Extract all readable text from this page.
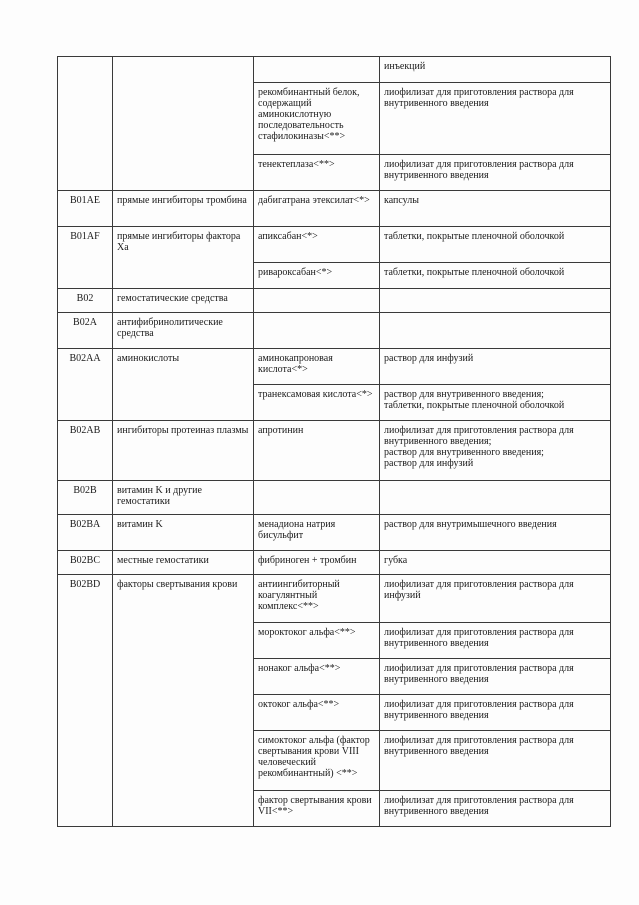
			инъекций
		рекомбинантный белок, содержащий аминокислотную последовательность стафилокиназы<**>	лиофилизат для приготовления раствора для внутривенного введения
		тенектеплаза<**>	лиофилизат для приготовления раствора для внутривенного введения
B01AE	прямые ингибиторы тромбина	дабигатрана этексилат<*>	капсулы
B01AF	прямые ингибиторы фактора Xa	апиксабан<*>	таблетки, покрытые пленочной оболочкой
		ривароксабан<*>	таблетки, покрытые пленочной оболочкой
B02	гемостатические средства		
B02A	антифибринолитические средства		
B02AA	аминокислоты	аминокапроновая кислота<*>	раствор для инфузий
		транексамовая кислота<*>	раствор для внутривенного введения;
таблетки, покрытые пленочной оболочкой
B02AB	ингибиторы протеиназ плазмы	апротинин	лиофилизат для приготовления раствора для внутривенного введения;
раствор для внутривенного введения;
раствор для инфузий
B02B	витамин K и другие гемостатики		
B02BA	витамин K	менадиона натрия бисульфит	раствор для внутримышечного введения
B02BC	местные гемостатики	фибриноген + тромбин	губка
B02BD	факторы свертывания крови	антиингибиторный коагулянтный комплекс<**>	лиофилизат для приготовления раствора для инфузий
		мороктоког альфа<**>	лиофилизат для приготовления раствора для внутривенного введения
		нонаког альфа<**>	лиофилизат для приготовления раствора для внутривенного введения
		октоког альфа<**>	лиофилизат для приготовления раствора для внутривенного введения
		симоктоког альфа (фактор свертывания крови VIII человеческий рекомбинантный) <**>	лиофилизат для приготовления раствора для внутривенного введения
		фактор свертывания крови VII<**>	лиофилизат для приготовления раствора для внутривенного введения
